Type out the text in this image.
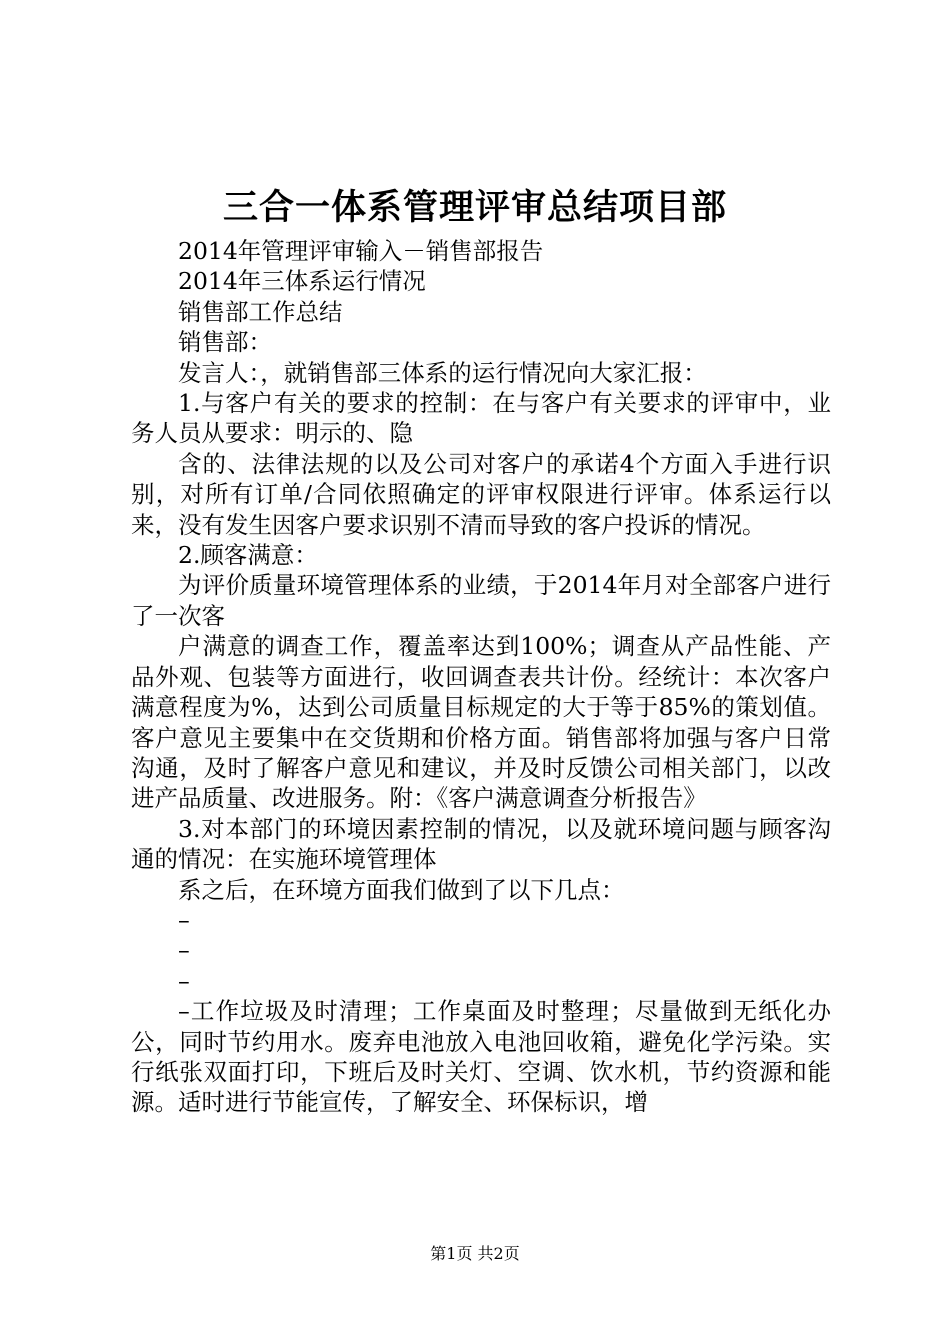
三合一体系管理评审总结项目部

2014年管理评审输入－销售部报告

2014年三体系运行情况

销售部工作总结

销售部：

发言人：，就销售部三体系的运行情况向大家汇报：

1.与客户有关的要求的控制：在与客户有关要求的评审中，业务人员从要求：明示的、隐

含的、法律法规的以及公司对客户的承诺4个方面入手进行识别，对所有订单/合同依照确定的评审权限进行评审。体系运行以来，没有发生因客户要求识别不清而导致的客户投诉的情况。

2.顾客满意：

为评价质量环境管理体系的业绩，于2014年月对全部客户进行了一次客

户满意的调查工作，覆盖率达到100%；调查从产品性能、产品外观、包装等方面进行，收回调查表共计份。经统计：本次客户满意程度为%，达到公司质量目标规定的大于等于85%的策划值。客户意见主要集中在交货期和价格方面。销售部将加强与客户日常沟通，及时了解客户意见和建议，并及时反馈公司相关部门，以改进产品质量、改进服务。附：《客户满意调查分析报告》

3.对本部门的环境因素控制的情况，以及就环境问题与顾客沟通的情况：在实施环境管理体

系之后，在环境方面我们做到了以下几点：

–

–

–

–工作垃圾及时清理；工作桌面及时整理；尽量做到无纸化办公，同时节约用水。废弃电池放入电池回收箱，避免化学污染。实行纸张双面打印，下班后及时关灯、空调、饮水机，节约资源和能源。适时进行节能宣传，了解安全、环保标识，增

第1页 共2页
